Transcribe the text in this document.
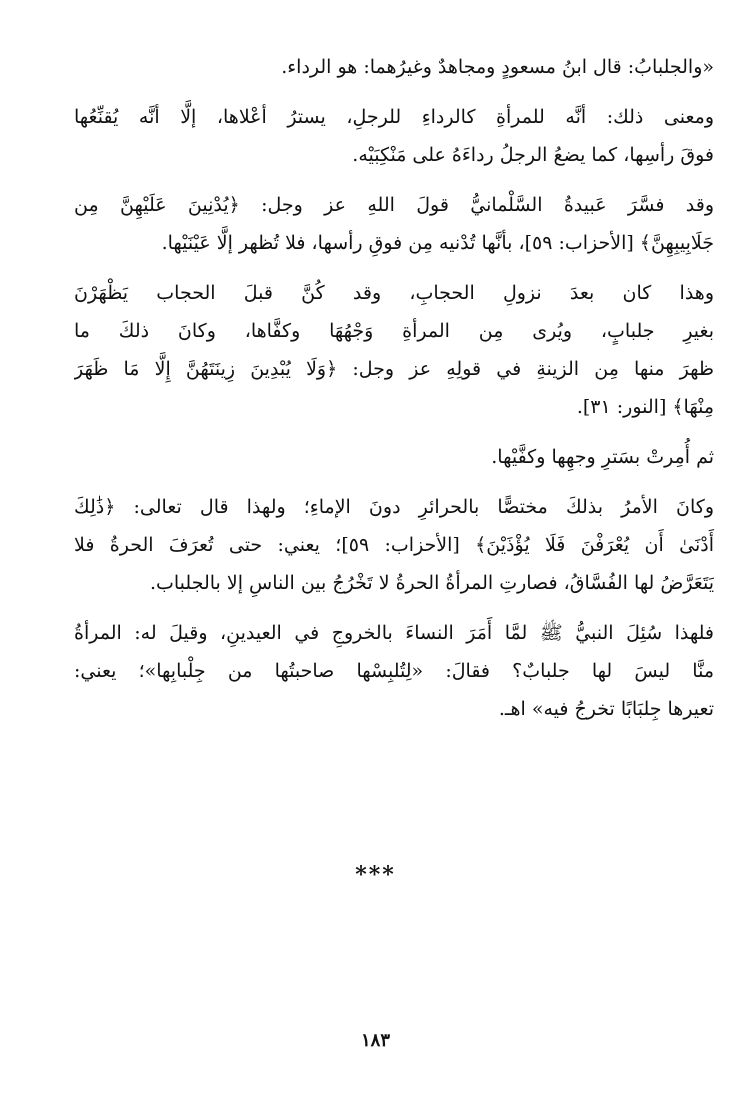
«والجلبابُ: قال ابنُ مسعودٍ ومجاهدٌ وغيرُهما: هو الرداء.

ومعنى ذلك: أنَّه للمرأةِ كالرداءِ للرجلِ، يسترُ أعْلاها، إلَّا أنَّه يُقنِّعُها
فوقَ رأسِها، كما يضعُ الرجلُ رداءَهُ على مَنْكِبَيْه.

وقد فسَّرَ عَبيدةُ السَّلْمانيُّ قولَ اللهِ عز وجل: ﴿يُدْنِينَ عَلَيْهِنَّ مِن
جَلَابِيبِهِنَّ﴾ [الأحزاب: ٥٩]، بأنَّها تُدْنيه مِن فوقِ رأسها، فلا تُظهر إلَّا عَيْنَيْها.

وهذا كان بعدَ نزولِ الحجابِ، وقد كُنَّ قبلَ الحجاب يَظْهَرْنَ
بغيرِ جلبابٍ، ويُرى مِن المرأةِ وَجْهُهَا وكفَّاها، وكانَ ذلكَ ما
ظهرَ منها مِن الزينةِ في قولِهِ عز وجل: ﴿وَلَا يُبْدِينَ زِينَتَهُنَّ إِلَّا مَا ظَهَرَ
مِنْهَا﴾ [النور: ٣١].

ثم أُمِرتْ بسَترِ وجهِها وكفَّيْها.

وكانَ الأمرُ بذلكَ مختصًّا بالحرائرِ دونَ الإماءِ؛ ولهذا قال تعالى: ﴿ذَٰلِكَ
أَدْنَىٰ أَن يُعْرَفْنَ فَلَا يُؤْذَيْنَ﴾ [الأحزاب: ٥٩]؛ يعني: حتى تُعرَفَ الحرةُ فلا
يَتَعَرَّضُ لها الفُسَّاقُ، فصارتِ المرأةُ الحرةُ لا تَخْرُجُ بين الناسِ إلا بالجلباب.

فلهذا سُئِلَ النبيُّ ﷺ لمَّا أَمَرَ النساءَ بالخروجِ في العيدينِ، وقيلَ له: المرأةُ
منَّا ليسَ لها جلبابٌ؟ فقالَ: «لِتُلبِسْها صاحبتُها من جِلْبابِها»؛ يعني:
تعيرها جِلبَابًا تخرجُ فيه» اهـ.

***
١٨٣
